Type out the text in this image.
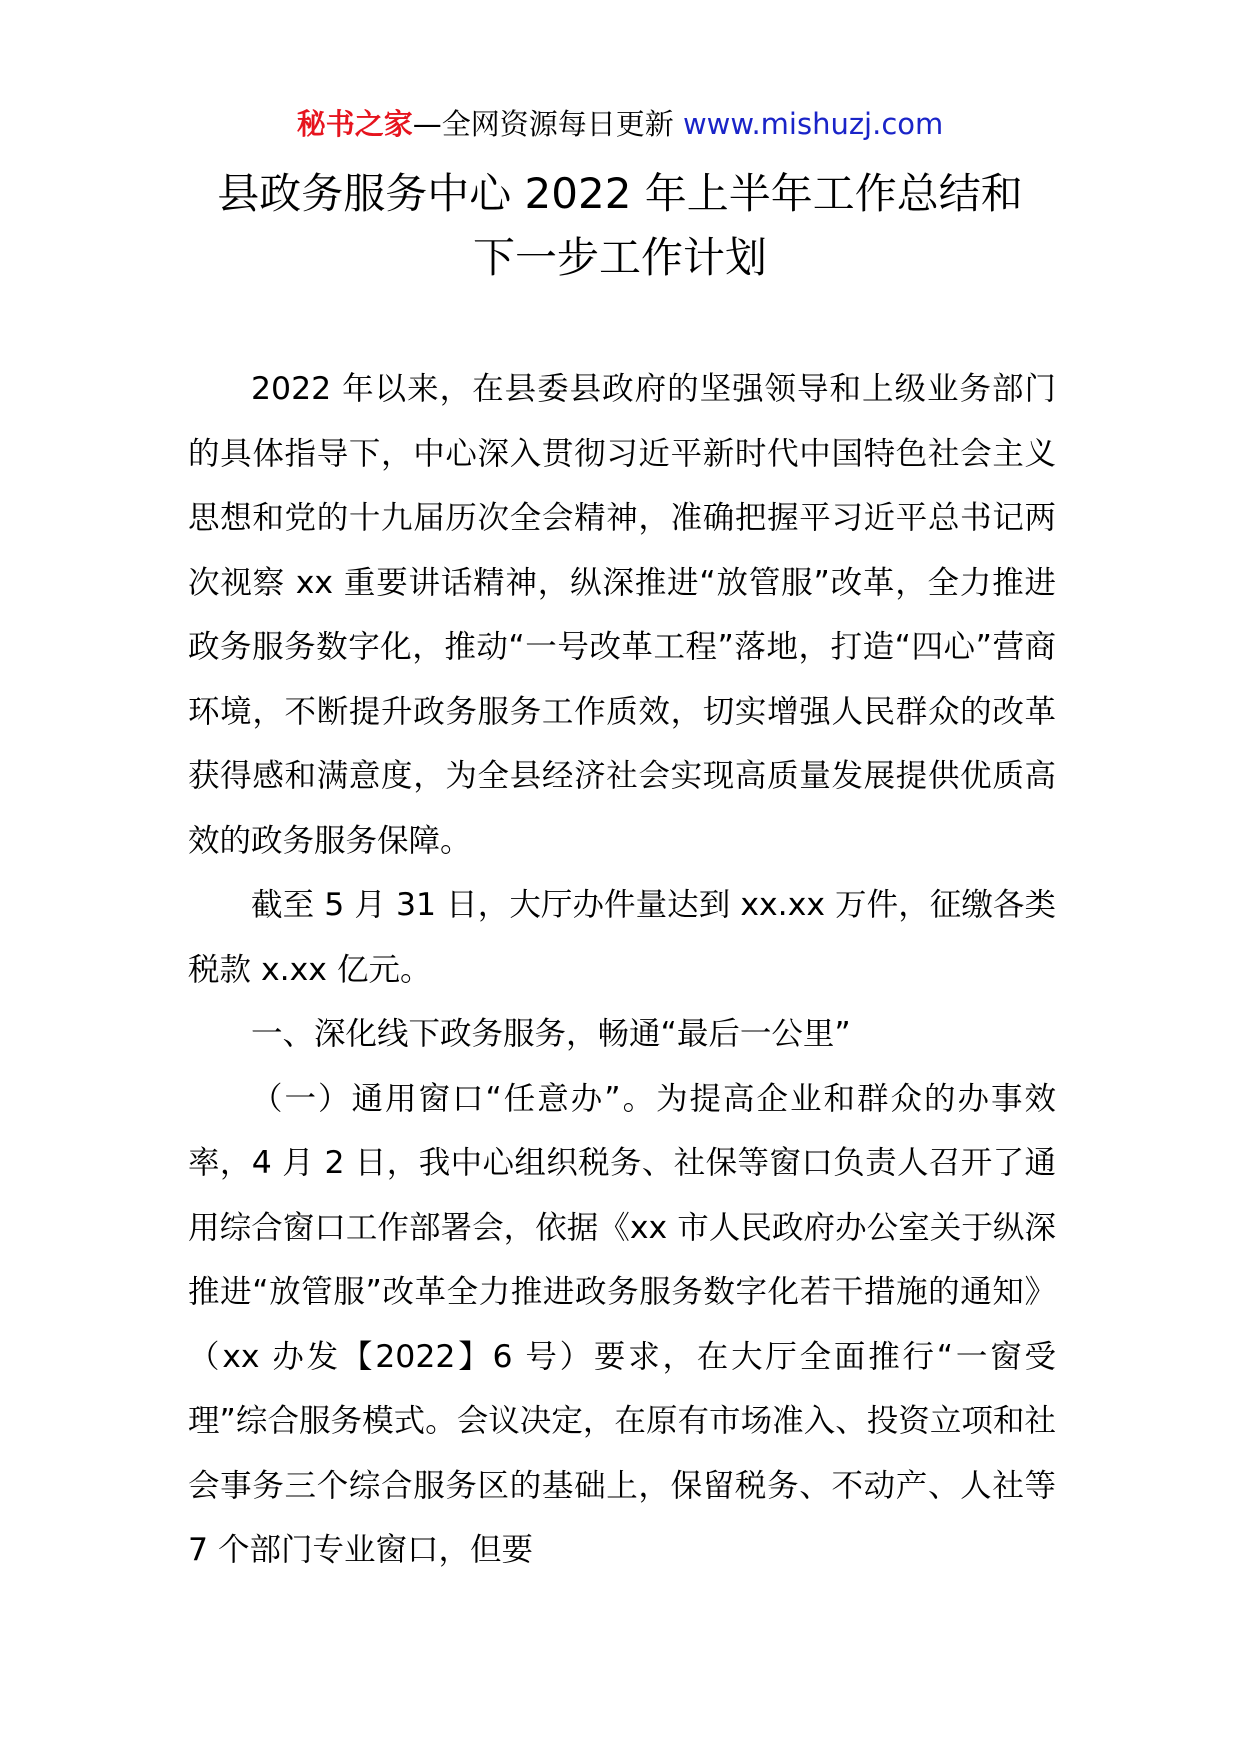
秘书之家—全网资源每日更新 www.mishuzj.com
县政务服务中心 2022 年上半年工作总结和
下一步工作计划

2022 年以来，在县委县政府的坚强领导和上级业务部门的具体指导下，中心深入贯彻习近平新时代中国特色社会主义思想和党的十九届历次全会精神，准确把握平习近平总书记两次视察 xx 重要讲话精神，纵深推进“放管服”改革，全力推进政务服务数字化，推动“一号改革工程”落地，打造“四心”营商环境，不断提升政务服务工作质效，切实增强人民群众的改革获得感和满意度，为全县经济社会实现高质量发展提供优质高效的政务服务保障。

截至 5 月 31 日，大厅办件量达到 xx.xx 万件，征缴各类税款 x.xx 亿元。

一、深化线下政务服务，畅通“最后一公里”

（一）通用窗口“任意办”。为提高企业和群众的办事效率，4 月 2 日，我中心组织税务、社保等窗口负责人召开了通用综合窗口工作部署会，依据《xx 市人民政府办公室关于纵深推进“放管服”改革全力推进政务服务数字化若干措施的通知》（xx 办发【2022】6 号）要求，在大厅全面推行“一窗受理”综合服务模式。会议决定，在原有市场准入、投资立项和社会事务三个综合服务区的基础上，保留税务、不动产、人社等 7 个部门专业窗口，但要
